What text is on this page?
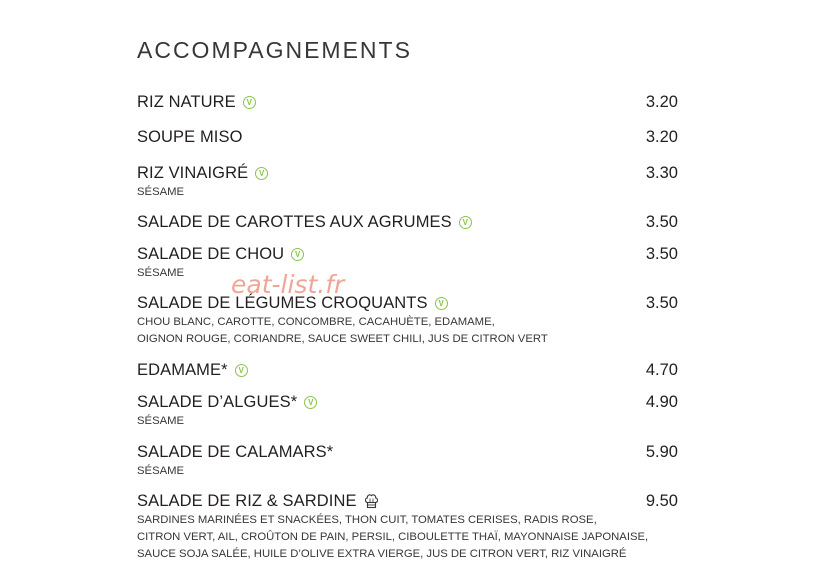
ACCOMPAGNEMENTS
RIZ NATURE	V	3.20
SOUPE MISO	3.20
RIZ VINAIGRÉ	V	3.30
SÉSAME
SALADE DE CAROTTES AUX AGRUMES	V	3.50
SALADE DE CHOU	V	3.50
SÉSAME
SALADE DE LÉGUMES CROQUANTS	V	3.50
CHOU BLANC, CAROTTE, CONCOMBRE, CACAHUÈTE, EDAMAME,
OIGNON ROUGE, CORIANDRE, SAUCE SWEET CHILI, JUS DE CITRON VERT
EDAMAME*	V	4.70
SALADE D’ALGUES*	V	4.90
SÉSAME
SALADE DE CALAMARS*	5.90
SÉSAME
SALADE DE RIZ & SARDINE	9.50
SARDINES MARINÉES ET SNACKÉES, THON CUIT, TOMATES CERISES, RADIS ROSE,
CITRON VERT, AIL, CROÛTON DE PAIN, PERSIL, CIBOULETTE THAÏ, MAYONNAISE JAPONAISE,
SAUCE SOJA SALÉE, HUILE D’OLIVE EXTRA VIERGE, JUS DE CITRON VERT, RIZ VINAIGRÉ
eat-list.fr
